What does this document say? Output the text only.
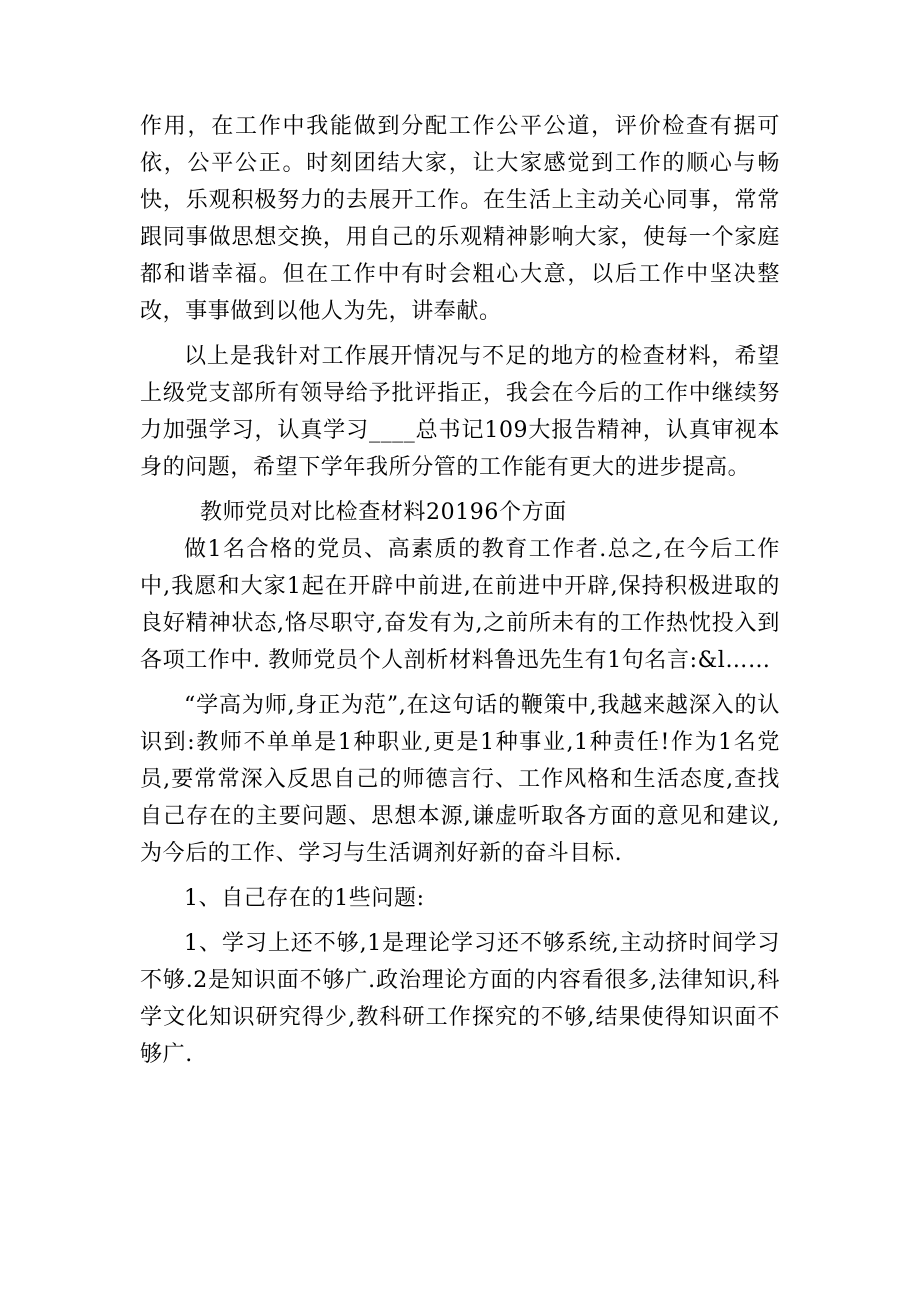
作用，在工作中我能做到分配工作公平公道，评价检查有据可依，公平公正。时刻团结大家，让大家感觉到工作的顺心与畅快，乐观积极努力的去展开工作。在生活上主动关心同事，常常跟同事做思想交换，用自己的乐观精神影响大家，使每一个家庭都和谐幸福。但在工作中有时会粗心大意，以后工作中坚决整改，事事做到以他人为先，讲奉献。

以上是我针对工作展开情况与不足的地方的检查材料，希望上级党支部所有领导给予批评指正，我会在今后的工作中继续努力加强学习，认真学习____总书记109大报告精神，认真审视本身的问题，希望下学年我所分管的工作能有更大的进步提高。

教师党员对比检查材料20196个方面

做1名合格的党员、高素质的教育工作者.总之,在今后工作中,我愿和大家1起在开辟中前进,在前进中开辟,保持积极进取的良好精神状态,恪尽职守,奋发有为,之前所未有的工作热忱投入到各项工作中. 教师党员个人剖析材料鲁迅先生有1句名言:&l……

“学高为师,身正为范”,在这句话的鞭策中,我越来越深入的认识到:教师不单单是1种职业,更是1种事业,1种责任!作为1名党员,要常常深入反思自己的师德言行、工作风格和生活态度,查找自己存在的主要问题、思想本源,谦虚听取各方面的意见和建议,为今后的工作、学习与生活调剂好新的奋斗目标.

1、自己存在的1些问题:

1、学习上还不够,1是理论学习还不够系统,主动挤时间学习不够.2是知识面不够广.政治理论方面的内容看很多,法律知识,科学文化知识研究得少,教科研工作探究的不够,结果使得知识面不够广.
